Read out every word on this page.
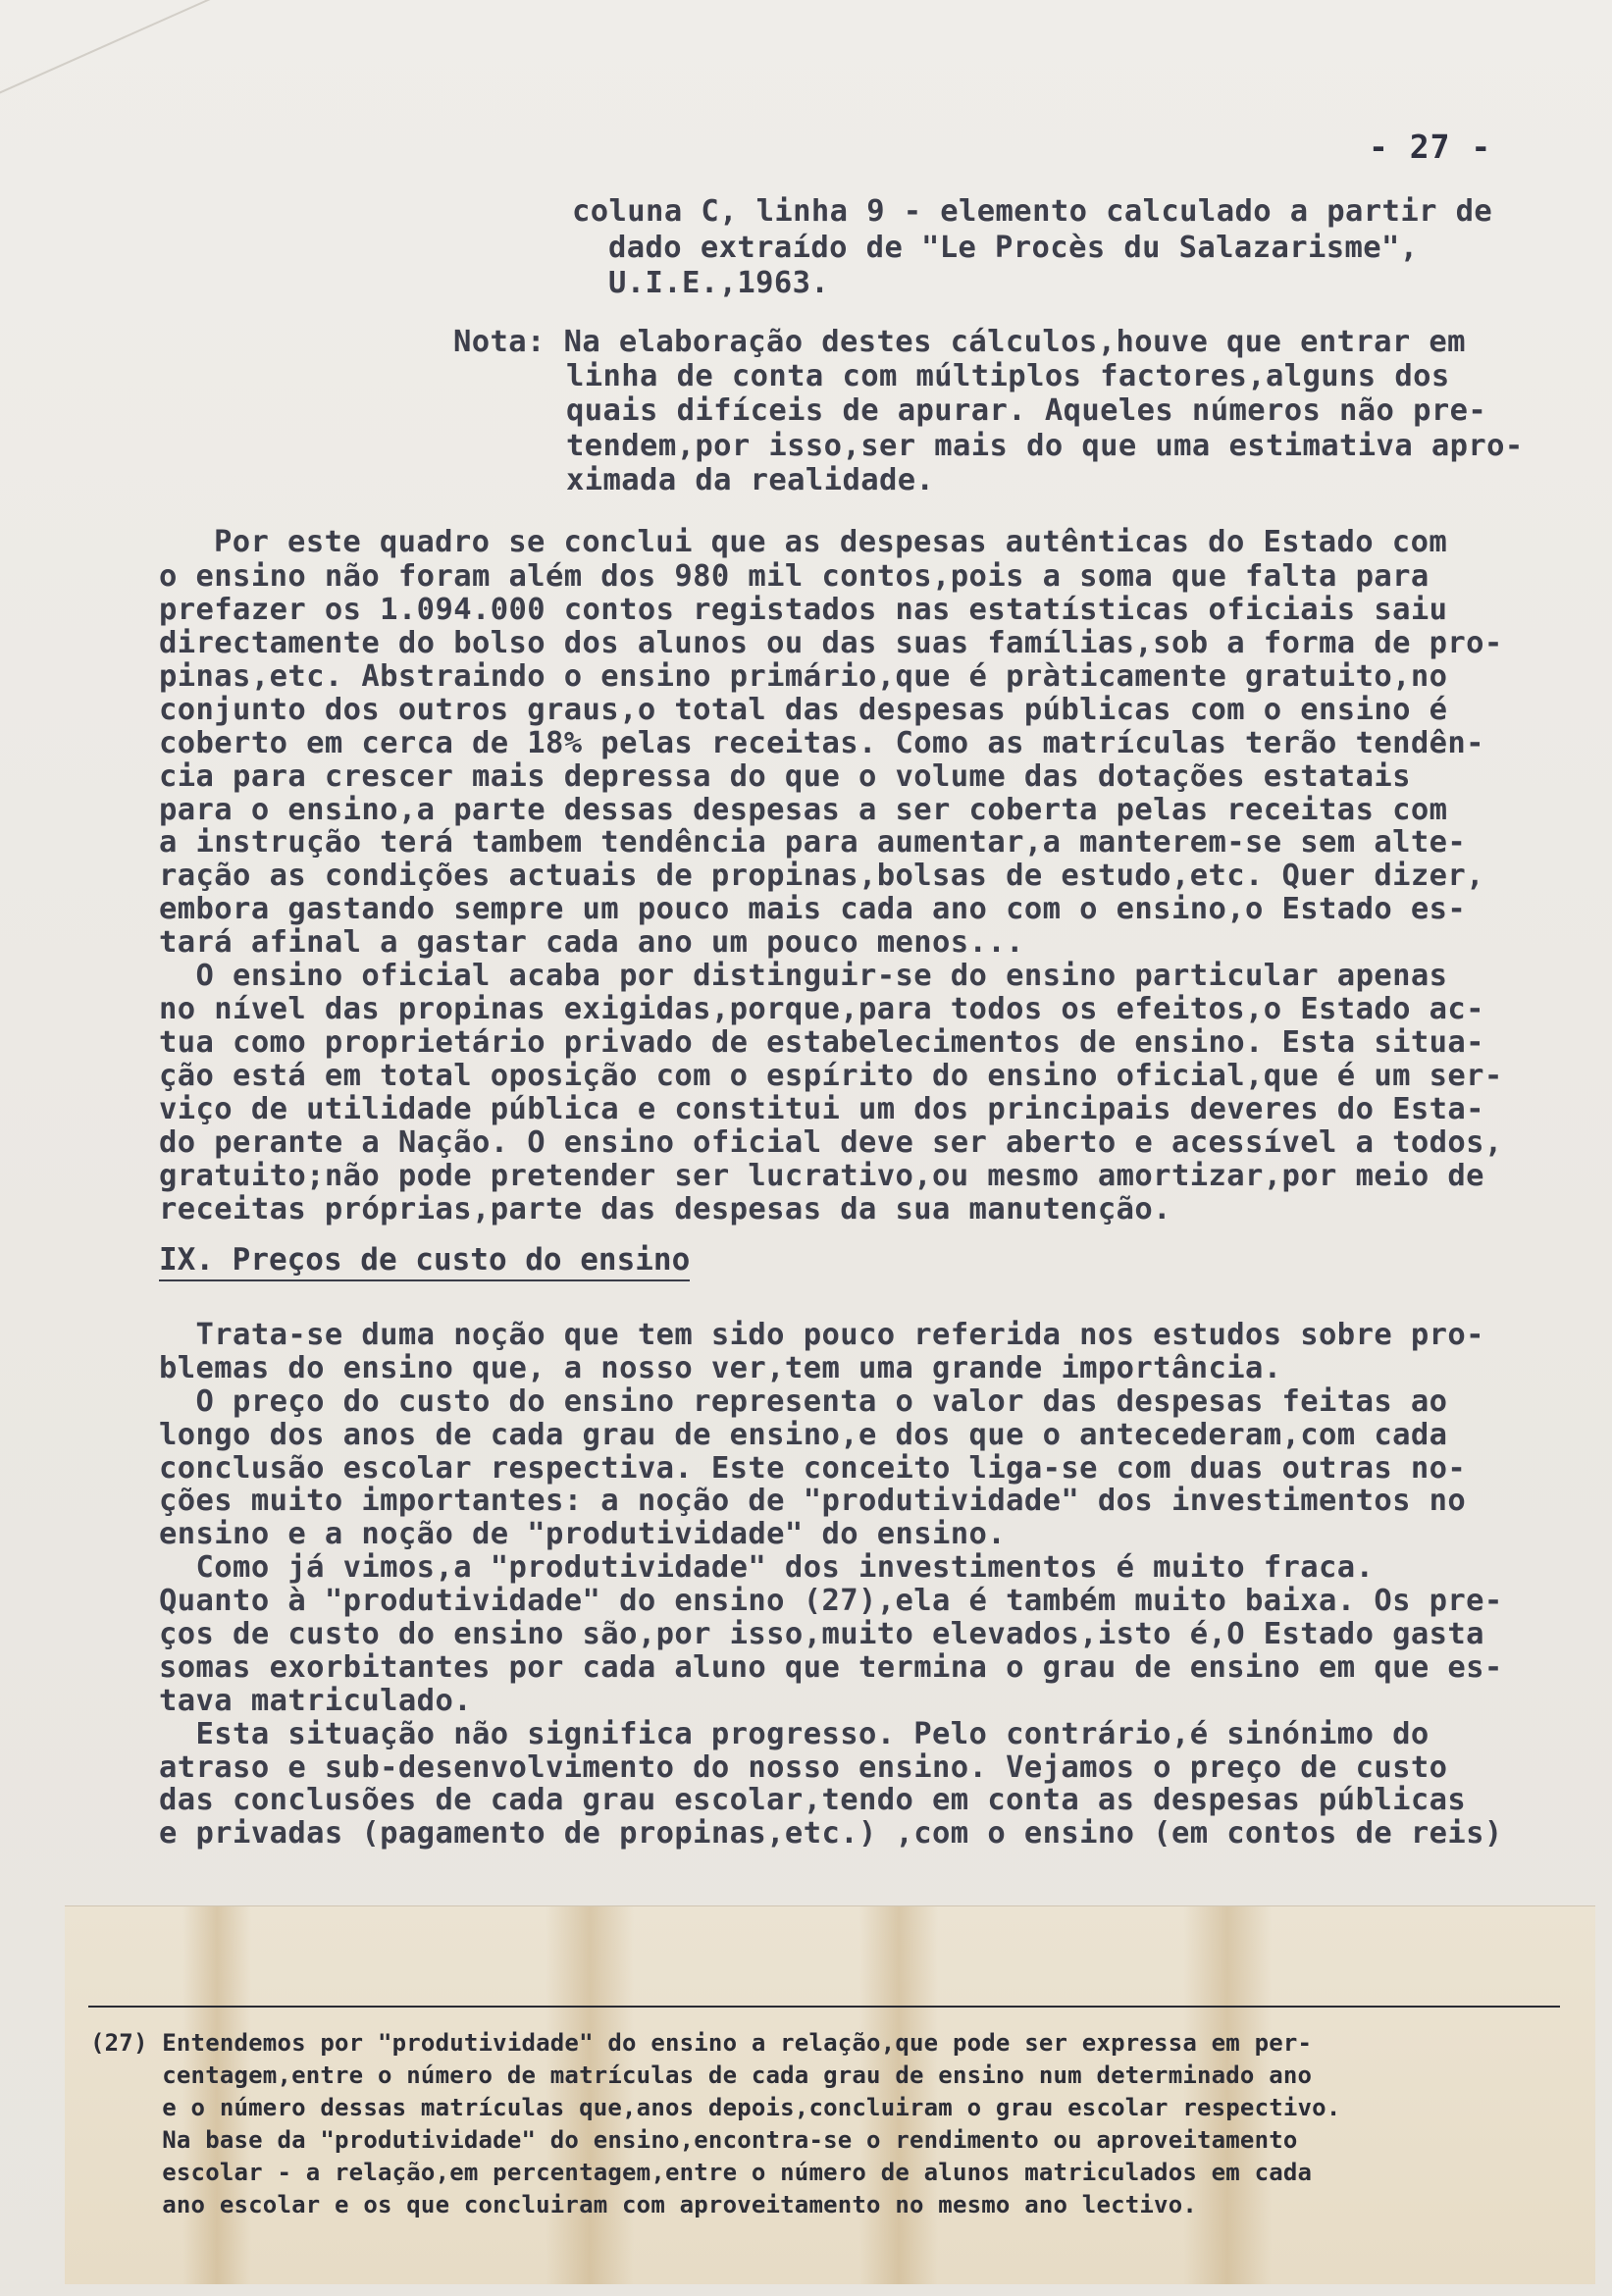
- 27 -
coluna C, linha 9 - elemento calculado a partir de
dado extraído de "Le Procès du Salazarisme",
U.I.E.,1963.
Nota: Na elaboração destes cálculos,houve que entrar em
linha de conta com múltiplos factores,alguns dos
quais difíceis de apurar. Aqueles números não pre-
tendem,por isso,ser mais do que uma estimativa apro-
ximada da realidade.
Por este quadro se conclui que as despesas autênticas do Estado com
o ensino não foram além dos 980 mil contos,pois a soma que falta para
prefazer os 1.094.000 contos registados nas estatísticas oficiais saiu
directamente do bolso dos alunos ou das suas famílias,sob a forma de pro-
pinas,etc. Abstraindo o ensino primário,que é pràticamente gratuito,no
conjunto dos outros graus,o total das despesas públicas com o ensino é
coberto em cerca de 18% pelas receitas. Como as matrículas terão tendên-
cia para crescer mais depressa do que o volume das dotações estatais
para o ensino,a parte dessas despesas a ser coberta pelas receitas com
a instrução terá tambem tendência para aumentar,a manterem-se sem alte-
ração as condições actuais de propinas,bolsas de estudo,etc. Quer dizer,
embora gastando sempre um pouco mais cada ano com o ensino,o Estado es-
tará afinal a gastar cada ano um pouco menos...
O ensino oficial acaba por distinguir-se do ensino particular apenas
no nível das propinas exigidas,porque,para todos os efeitos,o Estado ac-
tua como proprietário privado de estabelecimentos de ensino. Esta situa-
ção está em total oposição com o espírito do ensino oficial,que é um ser-
viço de utilidade pública e constitui um dos principais deveres do Esta-
do perante a Nação. O ensino oficial deve ser aberto e acessível a todos,
gratuito;não pode pretender ser lucrativo,ou mesmo amortizar,por meio de
receitas próprias,parte das despesas da sua manutenção.
IX. Preços de custo do ensino
Trata-se duma noção que tem sido pouco referida nos estudos sobre pro-
blemas do ensino que, a nosso ver,tem uma grande importância.
O preço do custo do ensino representa o valor das despesas feitas ao
longo dos anos de cada grau de ensino,e dos que o antecederam,com cada
conclusão escolar respectiva. Este conceito liga-se com duas outras no-
ções muito importantes: a noção de "produtividade" dos investimentos no
ensino e a noção de "produtividade" do ensino.
Como já vimos,a "produtividade" dos investimentos é muito fraca.
Quanto à "produtividade" do ensino (27),ela é também muito baixa. Os pre-
ços de custo do ensino são,por isso,muito elevados,isto é,O Estado gasta
somas exorbitantes por cada aluno que termina o grau de ensino em que es-
tava matriculado.
Esta situação não significa progresso. Pelo contrário,é sinónimo do
atraso e sub-desenvolvimento do nosso ensino. Vejamos o preço de custo
das conclusões de cada grau escolar,tendo em conta as despesas públicas
e privadas (pagamento de propinas,etc.) ,com o ensino (em contos de reis)
(27) Entendemos por "produtividade" do ensino a relação,que pode ser expressa em per-
centagem,entre o número de matrículas de cada grau de ensino num determinado ano
e o número dessas matrículas que,anos depois,concluiram o grau escolar respectivo.
Na base da "produtividade" do ensino,encontra-se o rendimento ou aproveitamento
escolar - a relação,em percentagem,entre o número de alunos matriculados em cada
ano escolar e os que concluiram com aproveitamento no mesmo ano lectivo.
